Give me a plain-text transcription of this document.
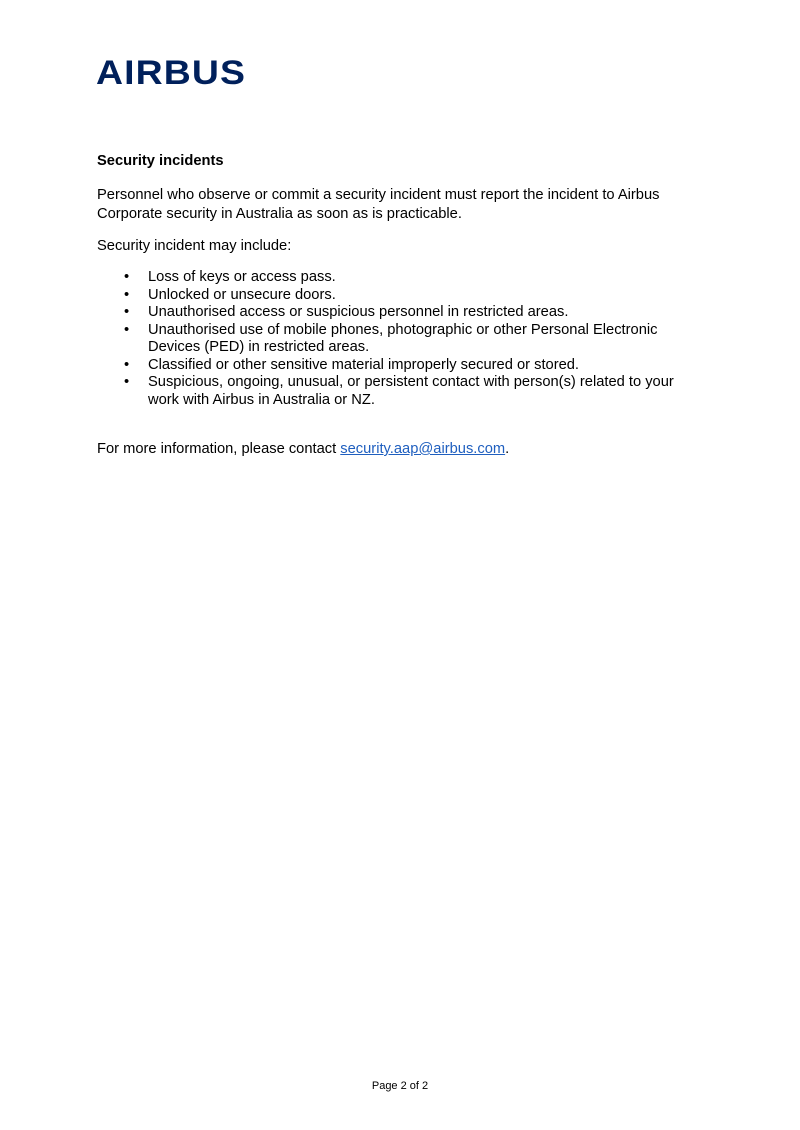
AIRBUS
Security incidents

Personnel who observe or commit a security incident must report the incident to Airbus Corporate security in Australia as soon as is practicable.

Security incident may include:

• Loss of keys or access pass.
• Unlocked or unsecure doors.
• Unauthorised access or suspicious personnel in restricted areas.
• Unauthorised use of mobile phones, photographic or other Personal Electronic Devices (PED) in restricted areas.
• Classified or other sensitive material improperly secured or stored.
• Suspicious, ongoing, unusual, or persistent contact with person(s) related to your work with Airbus in Australia or NZ.

For more information, please contact security.aap@airbus.com.

Page 2 of 2
